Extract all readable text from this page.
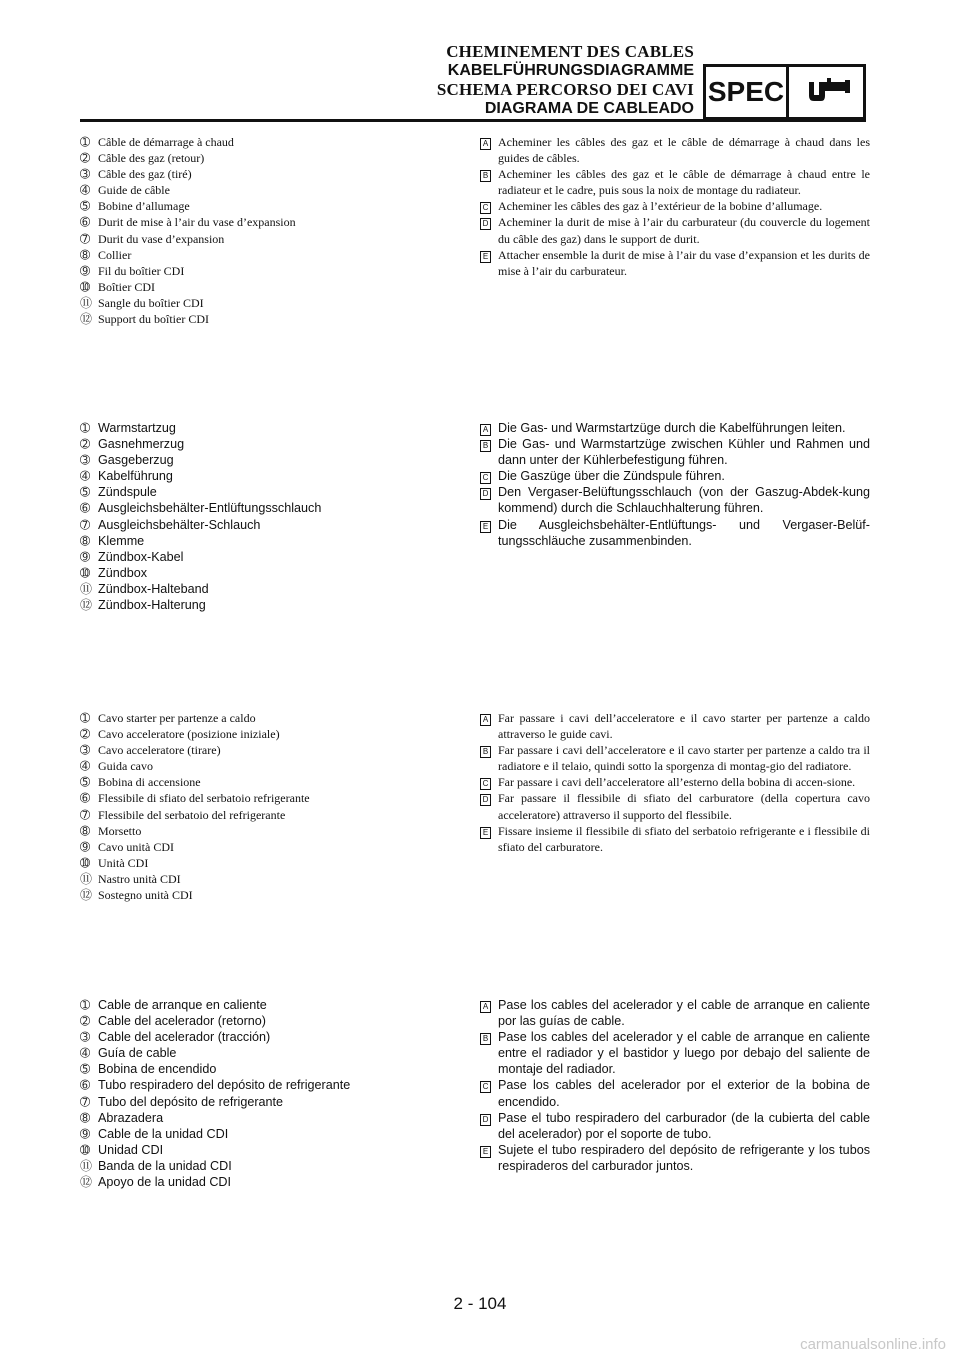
CHEMINEMENT DES CABLES
KABELFÜHRUNGSDIAGRAMME
SCHEMA PERCORSO DEI CAVI
DIAGRAMA DE CABLEADO
SPEC
➀ Câble de démarrage à chaud
➁ Câble des gaz (retour)
➂ Câble des gaz (tiré)
➃ Guide de câble
➄ Bobine d’allumage
➅ Durit de mise à l’air du vase d’expansion
➆ Durit du vase d’expansion
➇ Collier
➈ Fil du boîtier CDI
➉ Boîtier CDI
⑪ Sangle du boîtier CDI
⑫ Support du boîtier CDI
A Acheminer les câbles des gaz et le câble de démarrage à chaud dans les guides de câbles.
B Acheminer les câbles des gaz et le câble de démarrage à chaud entre le radiateur et le cadre, puis sous la noix de montage du radiateur.
C Acheminer les câbles des gaz à l’extérieur de la bobine d’allumage.
D Acheminer la durit de mise à l’air du carburateur (du couvercle du logement du câble des gaz) dans le support de durit.
E Attacher ensemble la durit de mise à l’air du vase d’expansion et les durits de mise à l’air du carburateur.
➀ Warmstartzug
➁ Gasnehmerzug
➂ Gasgeberzug
➃ Kabelführung
➄ Zündspule
➅ Ausgleichsbehälter-Entlüftungsschlauch
➆ Ausgleichsbehälter-Schlauch
➇ Klemme
➈ Zündbox-Kabel
➉ Zündbox
⑪ Zündbox-Halteband
⑫ Zündbox-Halterung
A Die Gas- und Warmstartzüge durch die Kabelführungen leiten.
B Die Gas- und Warmstartzüge zwischen Kühler und Rahmen und dann unter der Kühlerbefestigung führen.
C Die Gaszüge über die Zündspule führen.
D Den Vergaser-Belüftungsschlauch (von der Gaszug-Abdek-kung kommend) durch die Schlauchhalterung führen.
E Die Ausgleichsbehälter-Entlüftungs- und Vergaser-Belüf-tungsschläuche zusammenbinden.
➀ Cavo starter per partenze a caldo
➁ Cavo acceleratore (posizione iniziale)
➂ Cavo acceleratore (tirare)
➃ Guida cavo
➄ Bobina di accensione
➅ Flessibile di sfiato del serbatoio refrigerante
➆ Flessibile del serbatoio del refrigerante
➇ Morsetto
➈ Cavo unità CDI
➉ Unità CDI
⑪ Nastro unità CDI
⑫ Sostegno unità CDI
A Far passare i cavi dell’acceleratore e il cavo starter per partenze a caldo attraverso le guide cavi.
B Far passare i cavi dell’acceleratore e il cavo starter per partenze a caldo tra il radiatore e il telaio, quindi sotto la sporgenza di montag-gio del radiatore.
C Far passare i cavi dell’acceleratore all’esterno della bobina di accen-sione.
D Far passare il flessibile di sfiato del carburatore (della copertura cavo acceleratore) attraverso il supporto del flessibile.
E Fissare insieme il flessibile di sfiato del serbatoio refrigerante e i flessibile di sfiato del carburatore.
➀ Cable de arranque en caliente
➁ Cable del acelerador (retorno)
➂ Cable del acelerador (tracción)
➃ Guía de cable
➄ Bobina de encendido
➅ Tubo respiradero del depósito de refrigerante
➆ Tubo del depósito de refrigerante
➇ Abrazadera
➈ Cable de la unidad CDI
➉ Unidad CDI
⑪ Banda de la unidad CDI
⑫ Apoyo de la unidad CDI
A Pase los cables del acelerador y el cable de arranque en caliente por las guías de cable.
B Pase los cables del acelerador y el cable de arranque en caliente entre el radiador y el bastidor y luego por debajo del saliente de montaje del radiador.
C Pase los cables del acelerador por el exterior de la bobina de encendido.
D Pase el tubo respiradero del carburador (de la cubierta del cable del acelerador) por el soporte de tubo.
E Sujete el tubo respiradero del depósito de refrigerante y los tubos respiraderos del carburador juntos.
2 - 104
carmanualsonline.info
